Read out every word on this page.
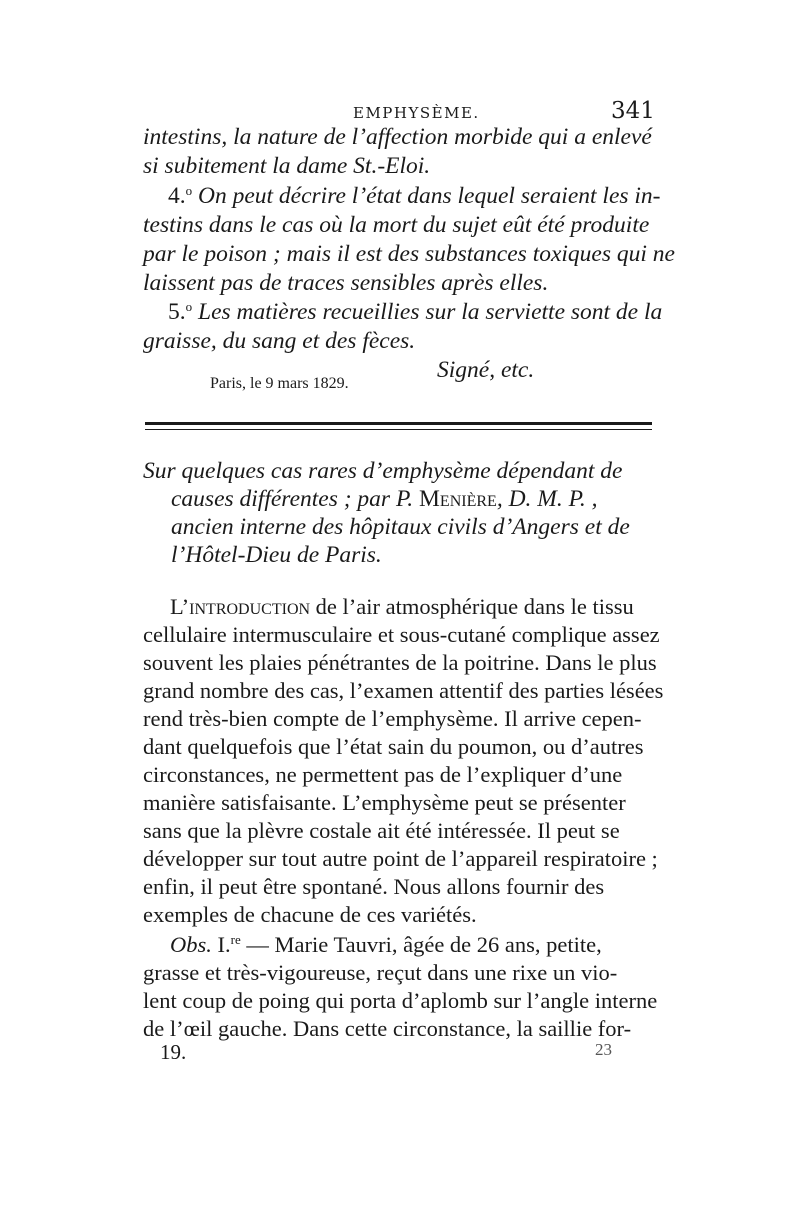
EMPHYSÈME.	341
intestins, la nature de l’affection morbide qui a enlevé
si subitement la dame St.-Eloi.
4.$^o$ On peut décrire l’état dans lequel seraient les in-
testins dans le cas où la mort du sujet eût été produite
par le poison ; mais il est des substances toxiques qui ne
laissent pas de traces sensibles après elles.
5.$^o$ Les matières recueillies sur la serviette sont de la
graisse, du sang et des fèces.
Signé, etc.
Paris, le 9 mars 1829.
Sur quelques cas rares d’emphysème dépendant de
causes différentes ; par P. Menière, D. M. P. ,
ancien interne des hôpitaux civils d’Angers et de
l’Hôtel-Dieu de Paris.
L’introduction de l’air atmosphérique dans le tissu
cellulaire intermusculaire et sous-cutané complique assez
souvent les plaies pénétrantes de la poitrine. Dans le plus
grand nombre des cas, l’examen attentif des parties lésées
rend très-bien compte de l’emphysème. Il arrive cepen-
dant quelquefois que l’état sain du poumon, ou d’autres
circonstances, ne permettent pas de l’expliquer d’une
manière satisfaisante. L’emphysème peut se présenter
sans que la plèvre costale ait été intéressée. Il peut se
développer sur tout autre point de l’appareil respiratoire ;
enfin, il peut être spontané. Nous allons fournir des
exemples de chacune de ces variétés.
Obs. I.$^{re}$ — Marie Tauvri, âgée de 26 ans, petite,
grasse et très-vigoureuse, reçut dans une rixe un vio-
lent coup de poing qui porta d’aplomb sur l’angle interne
de l’œil gauche. Dans cette circonstance, la saillie for-
19.	23
